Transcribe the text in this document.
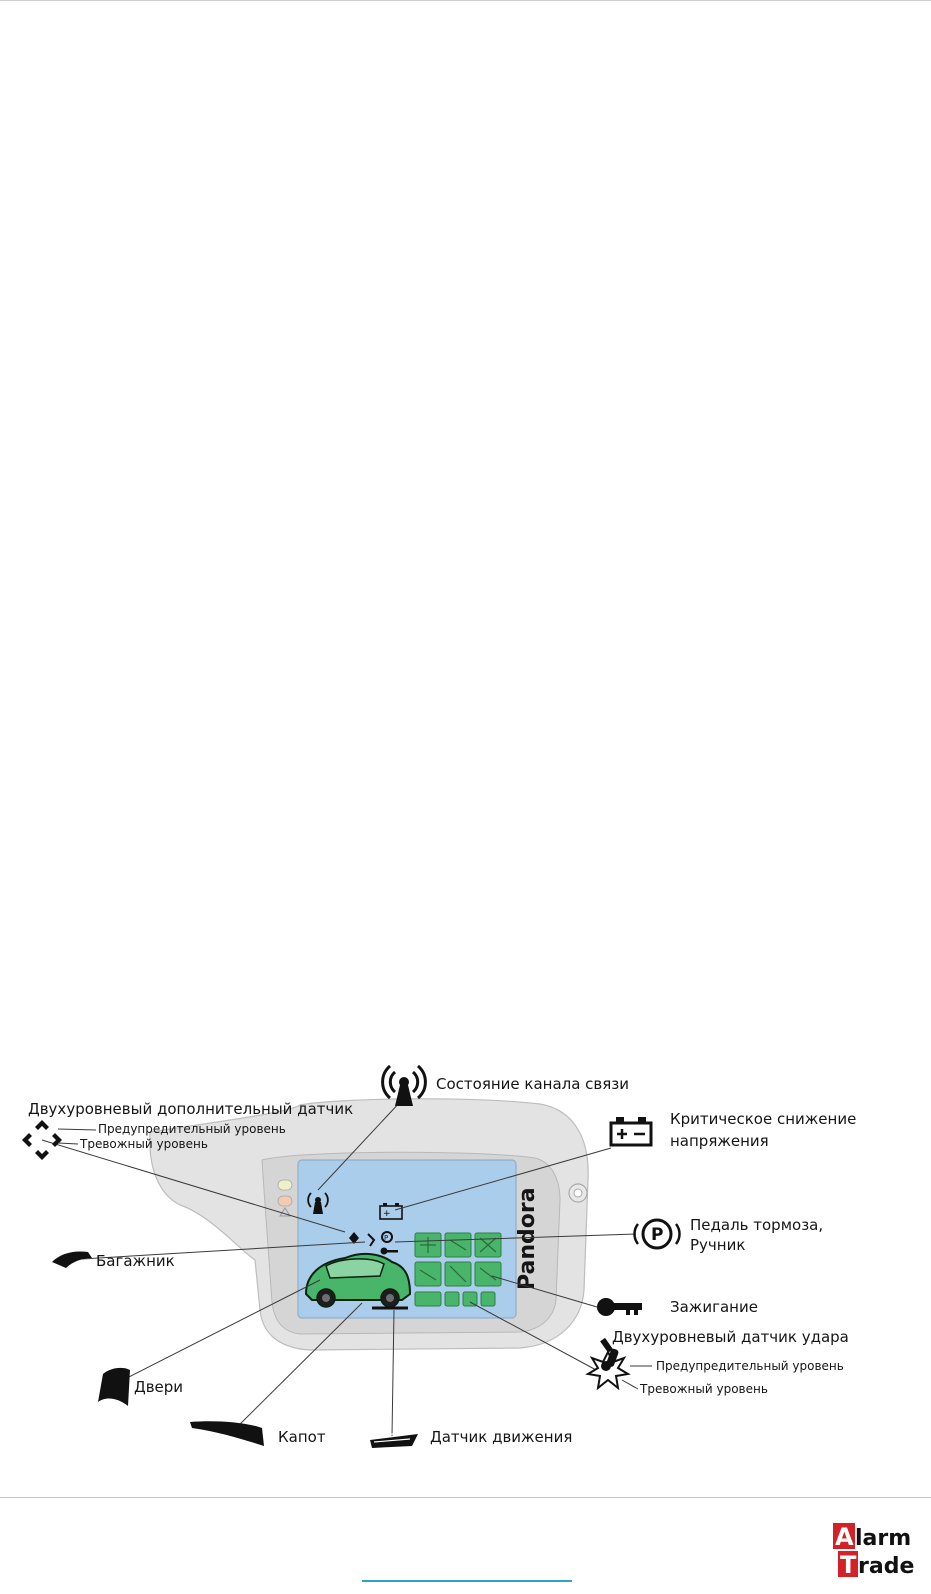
+
P	Pandora	P
Двухуровневый дополнительный датчик
Предупредительный уровень
Тревожный уровень
Состояние канала связи
Критическое снижение
напряжения
Педаль тормоза,
Ручник
Багажник
Зажигание
Двухуровневый датчик удара
Предупредительный уровень
Тревожный уровень
Двери
Капот	Датчик движения
A larm
T rade
